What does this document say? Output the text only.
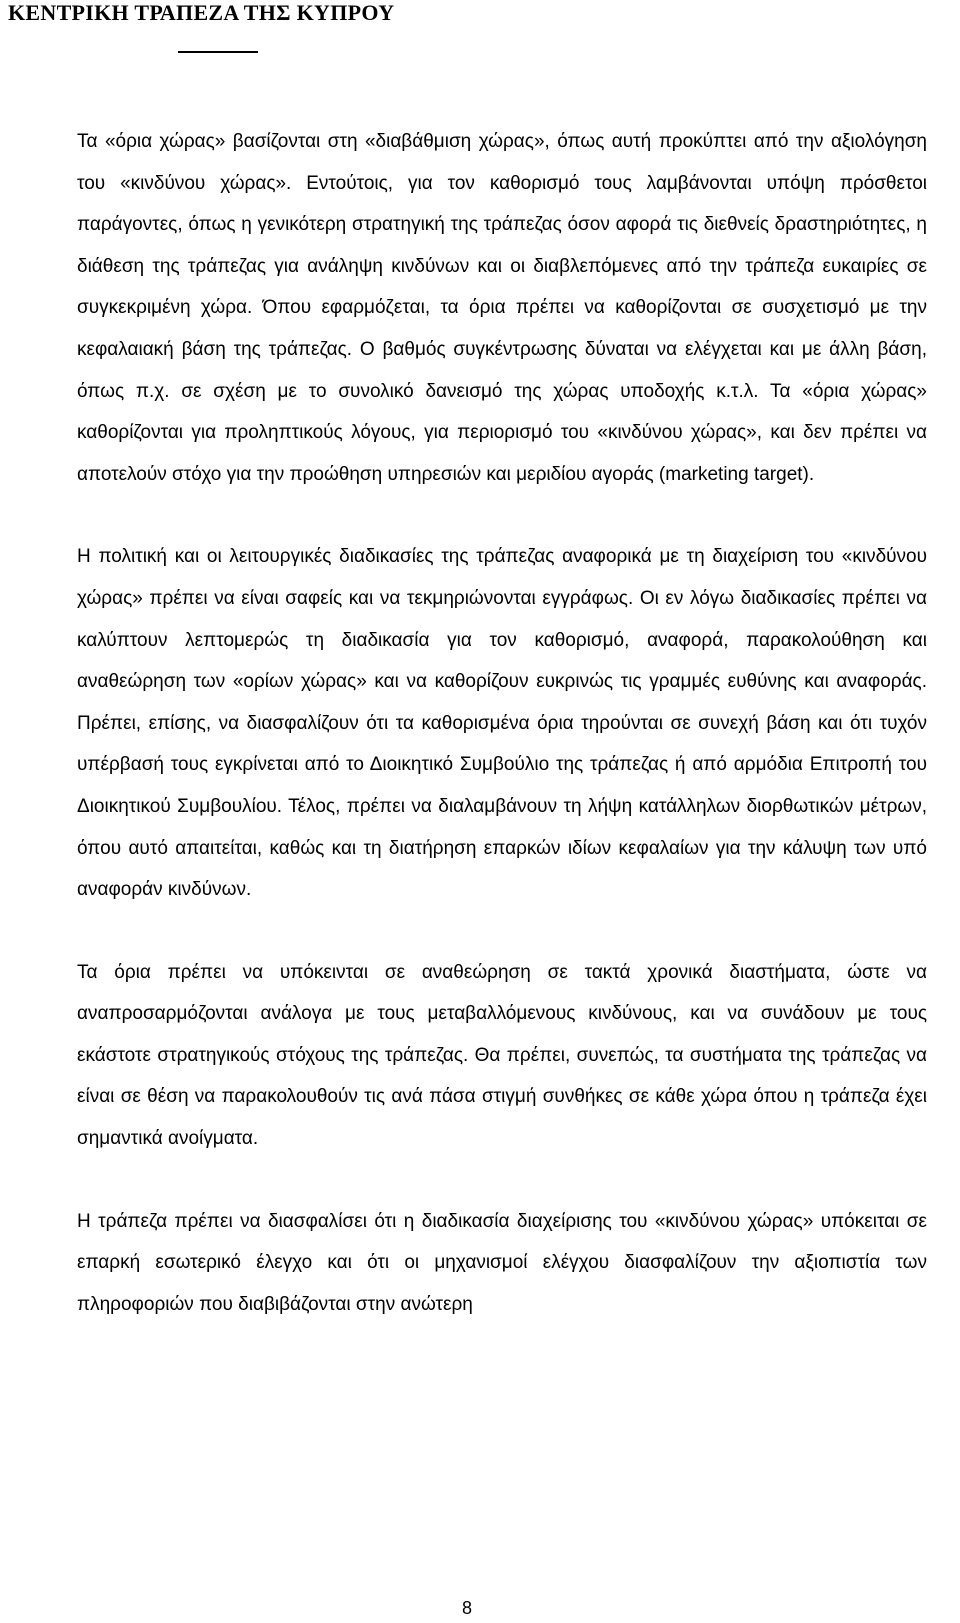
ΚΕΝΤΡΙΚΗ ΤΡΑΠΕΖΑ ΤΗΣ ΚΥΠΡΟΥ

Τα «όρια χώρας» βασίζονται στη «διαβάθμιση χώρας», όπως αυτή προκύπτει από την αξιολόγηση του «κινδύνου χώρας». Εντούτοις, για τον καθορισμό τους λαμβάνονται υπόψη πρόσθετοι παράγοντες, όπως η γενικότερη στρατηγική της τράπεζας όσον αφορά τις διεθνείς δραστηριότητες, η διάθεση της τράπεζας για ανάληψη κινδύνων και οι διαβλεπόμενες από την τράπεζα ευκαιρίες σε συγκεκριμένη χώρα. Όπου εφαρμόζεται, τα όρια πρέπει να καθορίζονται σε συσχετισμό με την κεφαλαιακή βάση της τράπεζας. Ο βαθμός συγκέντρωσης δύναται να ελέγχεται και με άλλη βάση, όπως π.χ. σε σχέση με το συνολικό δανεισμό της χώρας υποδοχής κ.τ.λ. Τα «όρια χώρας» καθορίζονται για προληπτικούς λόγους, για περιορισμό του «κινδύνου χώρας», και δεν πρέπει να αποτελούν στόχο για την προώθηση υπηρεσιών και μεριδίου αγοράς (marketing target).

Η πολιτική και οι λειτουργικές διαδικασίες της τράπεζας αναφορικά με τη διαχείριση του «κινδύνου χώρας» πρέπει να είναι σαφείς και να τεκμηριώνονται εγγράφως. Οι εν λόγω διαδικασίες πρέπει να καλύπτουν λεπτομερώς τη διαδικασία για τον καθορισμό, αναφορά, παρακολούθηση και αναθεώρηση των «ορίων χώρας» και να καθορίζουν ευκρινώς τις γραμμές ευθύνης και αναφοράς. Πρέπει, επίσης, να διασφαλίζουν ότι τα καθορισμένα όρια τηρούνται σε συνεχή βάση και ότι τυχόν υπέρβασή τους εγκρίνεται από το Διοικητικό Συμβούλιο της τράπεζας ή από αρμόδια Επιτροπή του Διοικητικού Συμβουλίου. Τέλος, πρέπει να διαλαμβάνουν τη λήψη κατάλληλων διορθωτικών μέτρων, όπου αυτό απαιτείται, καθώς και τη διατήρηση επαρκών ιδίων κεφαλαίων για την κάλυψη των υπό αναφοράν κινδύνων.

Τα όρια πρέπει να υπόκεινται σε αναθεώρηση σε τακτά χρονικά διαστήματα, ώστε να αναπροσαρμόζονται ανάλογα με τους μεταβαλλόμενους κινδύνους, και να συνάδουν με τους εκάστοτε στρατηγικούς στόχους της τράπεζας. Θα πρέπει, συνεπώς, τα συστήματα της τράπεζας να είναι σε θέση να παρακολουθούν τις ανά πάσα στιγμή συνθήκες σε κάθε χώρα όπου η τράπεζα έχει σημαντικά ανοίγματα.

Η τράπεζα πρέπει να διασφαλίσει ότι η διαδικασία διαχείρισης του «κινδύνου χώρας» υπόκειται σε επαρκή εσωτερικό έλεγχο και ότι οι μηχανισμοί ελέγχου διασφαλίζουν την αξιοπιστία των πληροφοριών που διαβιβάζονται στην ανώτερη

8
